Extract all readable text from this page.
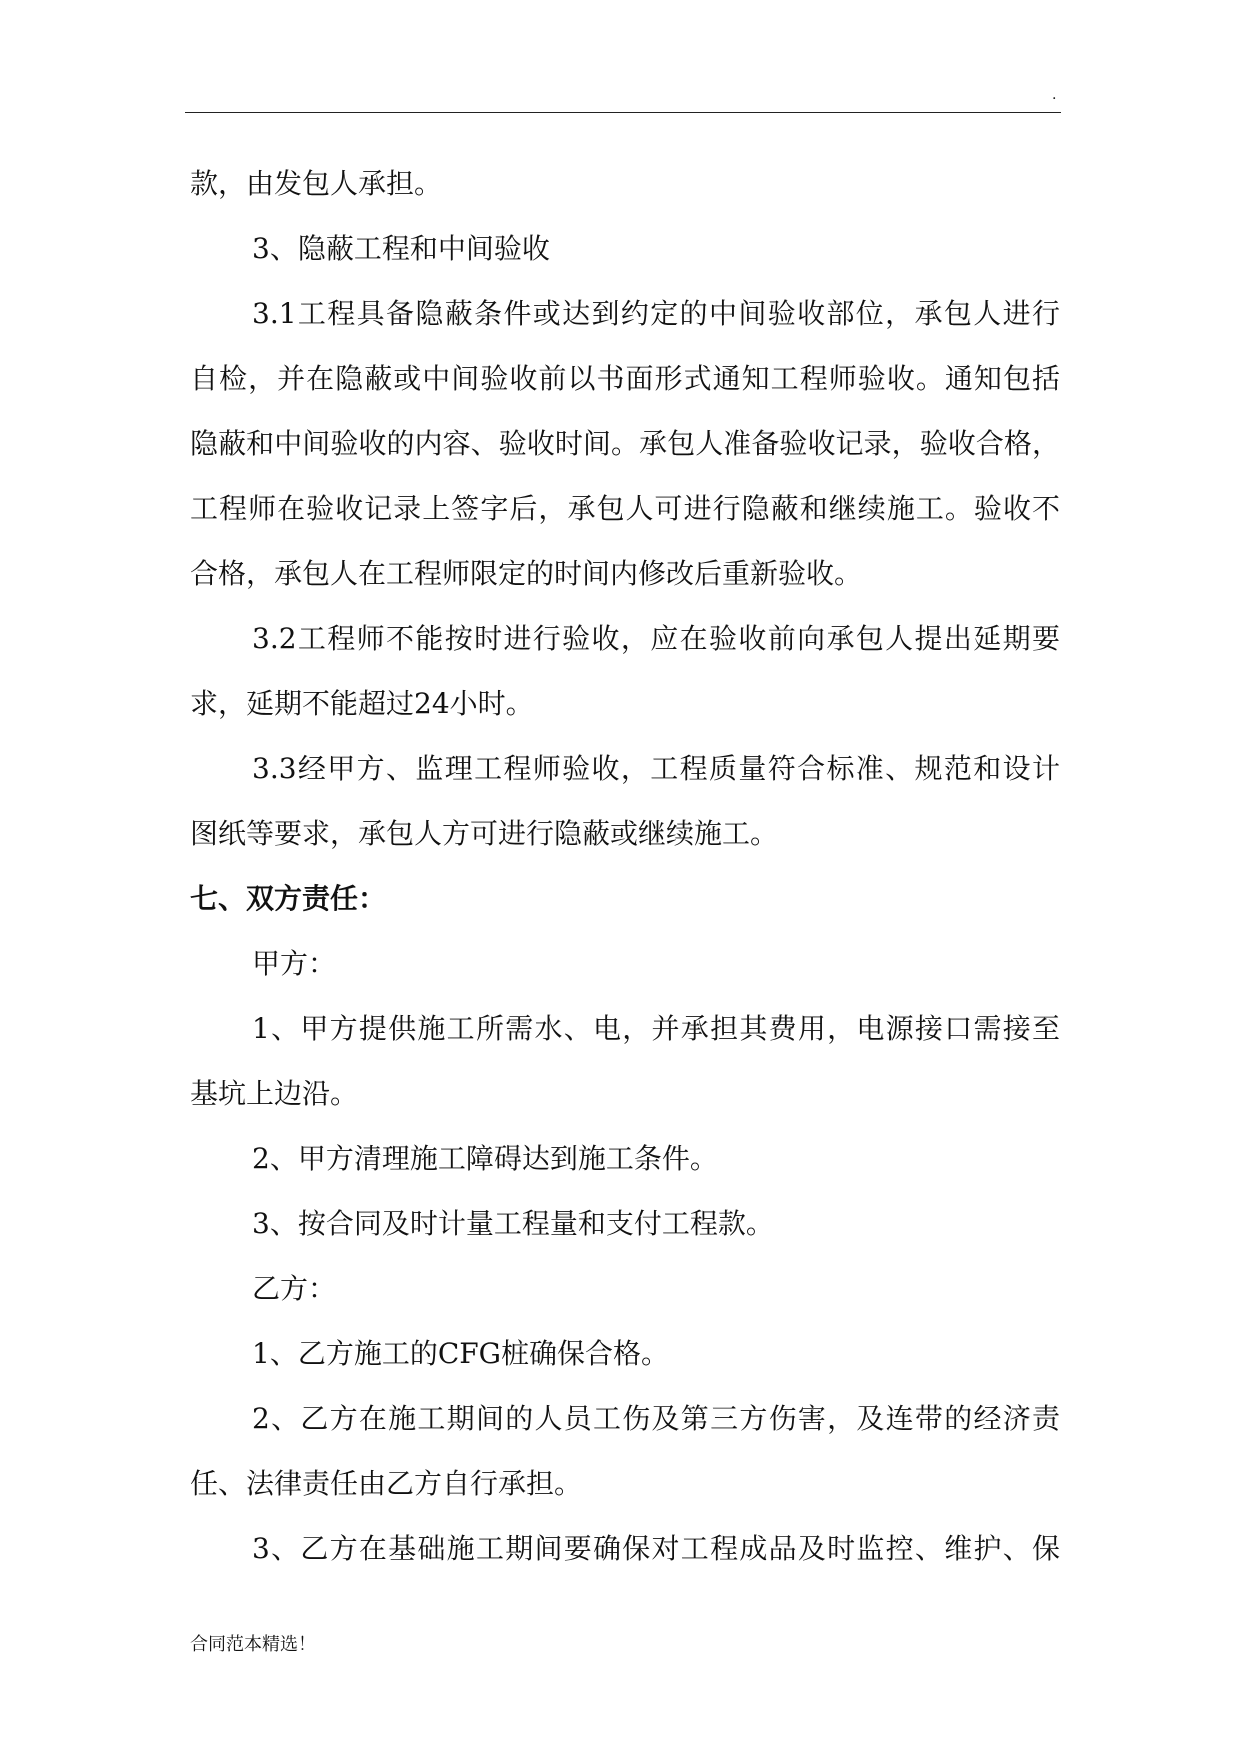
.
款，由发包人承担。
3、隐蔽工程和中间验收
3.1工程具备隐蔽条件或达到约定的中间验收部位，承包人进行
自检，并在隐蔽或中间验收前以书面形式通知工程师验收。通知包括
隐蔽和中间验收的内容、验收时间。承包人准备验收记录，验收合格，
工程师在验收记录上签字后，承包人可进行隐蔽和继续施工。验收不
合格，承包人在工程师限定的时间内修改后重新验收。
3.2工程师不能按时进行验收，应在验收前向承包人提出延期要
求，延期不能超过24小时。
3.3经甲方、监理工程师验收，工程质量符合标准、规范和设计
图纸等要求，承包人方可进行隐蔽或继续施工。
七、双方责任：
甲方：
1、甲方提供施工所需水、电，并承担其费用，电源接口需接至
基坑上边沿。
2、甲方清理施工障碍达到施工条件。
3、按合同及时计量工程量和支付工程款。
乙方：
1、乙方施工的CFG桩确保合格。
2、乙方在施工期间的人员工伤及第三方伤害，及连带的经济责
任、法律责任由乙方自行承担。
3、乙方在基础施工期间要确保对工程成品及时监控、维护、保
合同范本精选！
